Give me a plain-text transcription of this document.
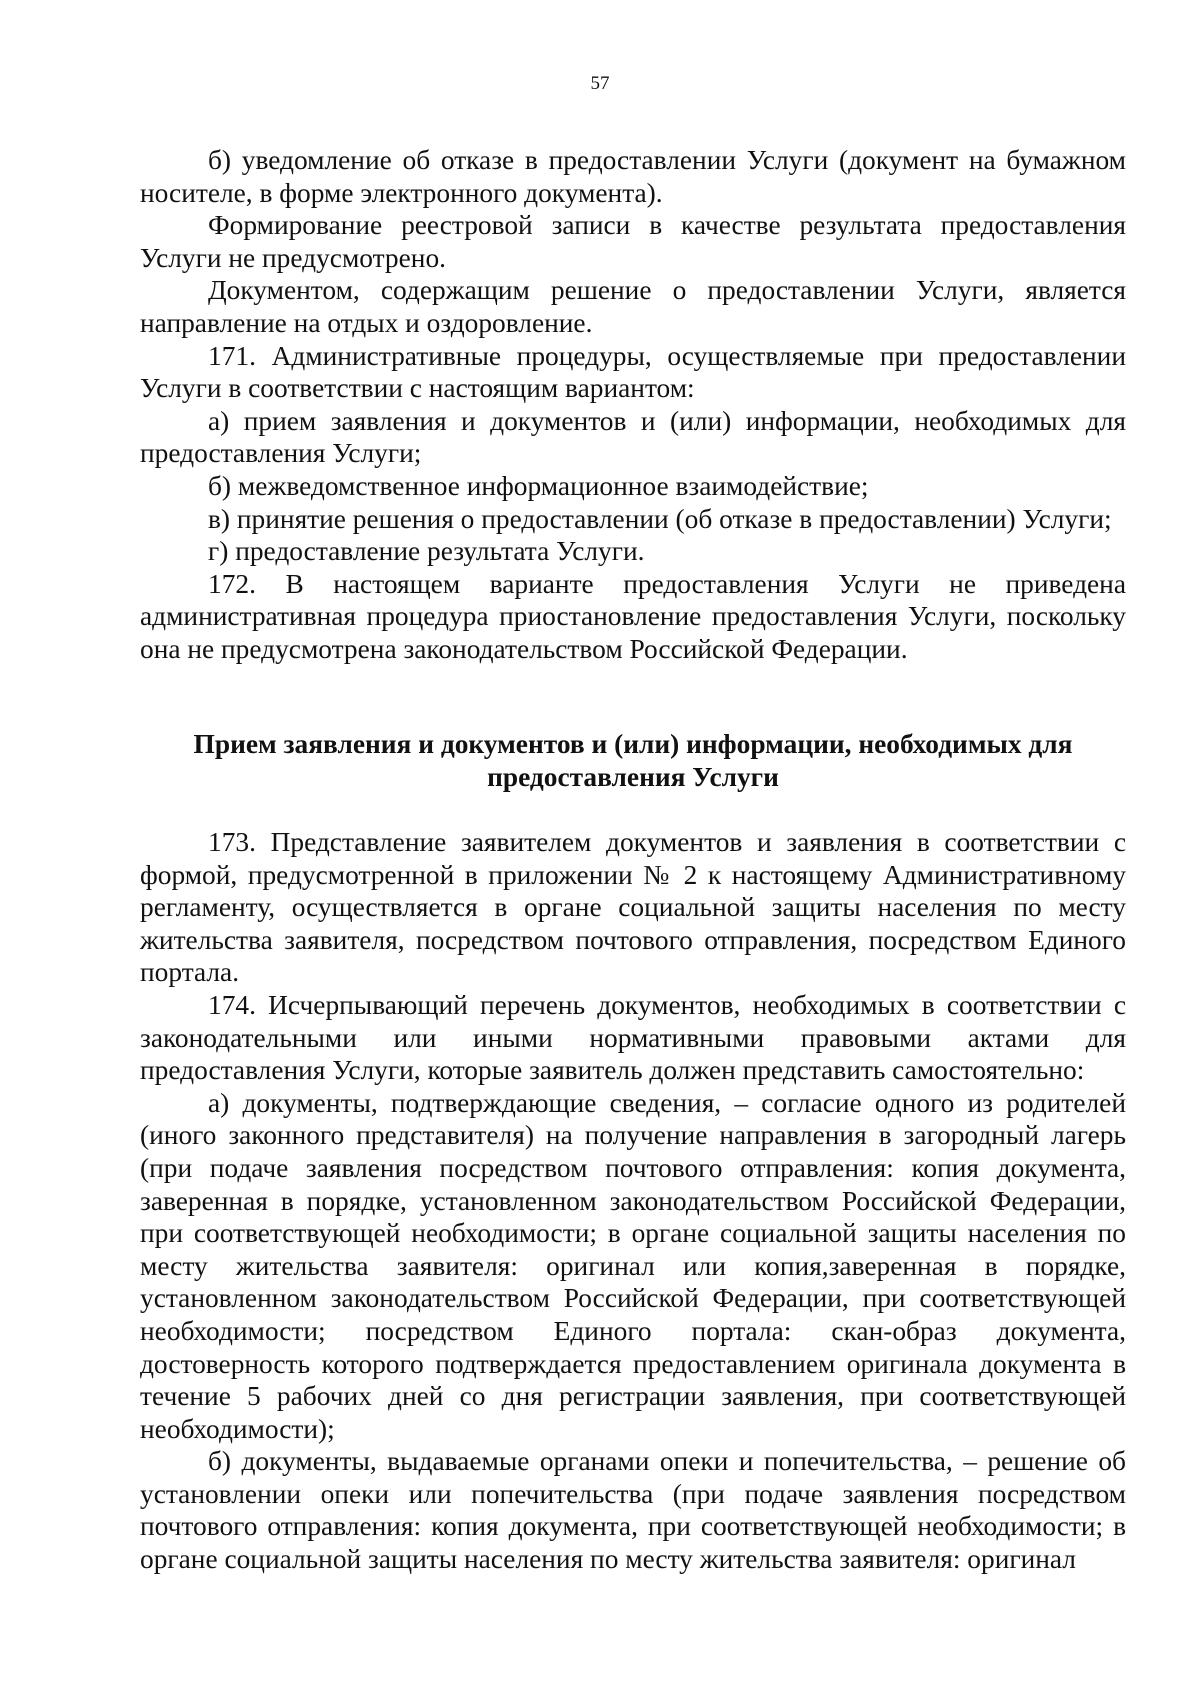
57

б) уведомление об отказе в предоставлении Услуги (документ на бумажном носителе, в форме электронного документа).

Формирование реестровой записи в качестве результата предоставления Услуги не предусмотрено.

Документом, содержащим решение о предоставлении Услуги, является направление на отдых и оздоровление.

171. Административные процедуры, осуществляемые при предоставлении Услуги в соответствии с настоящим вариантом:

а) прием заявления и документов и (или) информации, необходимых для предоставления Услуги;

б) межведомственное информационное взаимодействие;

в) принятие решения о предоставлении (об отказе в предоставлении) Услуги;

г) предоставление результата Услуги.

172. В настоящем варианте предоставления Услуги не приведена административная процедура приостановление предоставления Услуги, поскольку она не предусмотрена законодательством Российской Федерации.

Прием заявления и документов и (или) информации, необходимых для предоставления Услуги

173. Представление заявителем документов и заявления в соответствии с формой, предусмотренной в приложении № 2 к настоящему Административному регламенту, осуществляется в органе социальной защиты населения по месту жительства заявителя, посредством почтового отправления, посредством Единого портала.

174. Исчерпывающий перечень документов, необходимых в соответствии с законодательными или иными нормативными правовыми актами для предоставления Услуги, которые заявитель должен представить самостоятельно:

а) документы, подтверждающие сведения, – согласие одного из родителей (иного законного представителя) на получение направления в загородный лагерь (при подаче заявления посредством почтового отправления: копия документа, заверенная в порядке, установленном законодательством Российской Федерации, при соответствующей необходимости; в органе социальной защиты населения по месту жительства заявителя: оригинал или копия,заверенная в порядке, установленном законодательством Российской Федерации, при соответствующей необходимости; посредством Единого портала: скан-образ документа, достоверность которого подтверждается предоставлением оригинала документа в течение 5 рабочих дней со дня регистрации заявления, при соответствующей необходимости);

б) документы, выдаваемые органами опеки и попечительства, – решение об установлении опеки или попечительства (при подаче заявления посредством почтового отправления: копия документа, при соответствующей необходимости; в органе социальной защиты населения по месту жительства заявителя: оригинал
